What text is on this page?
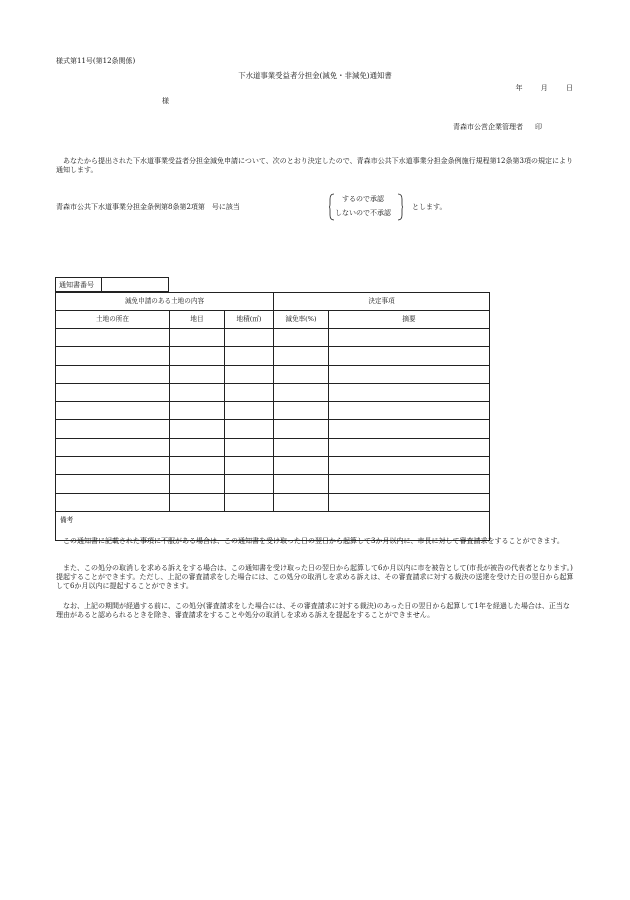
様式第11号(第12条関係)
下水道事業受益者分担金(減免・非減免)通知書
年	月	日
様
青森市公営企業管理者 印
あなたから提出された下水道事業受益者分担金減免申請について、次のとおり決定したので、青森市公共下水道事業分担金条例施行規程第12条第3項の規定により通知します。
青森市公共下水道事業分担金条例第8条第2項第　号に該当
するので承認
しないので不承認
とします。
通知書番号
減免申請のある土地の内容			決定事項	
土地の所在	地目	地積(㎡)	減免率(%)	摘要

備考				
この通知書に記載された事項に不服がある場合は、この通知書を受け取った日の翌日から起算して3か月以内に、市長に対して審査請求をすることができます。
また、この処分の取消しを求める訴えをする場合は、この通知書を受け取った日の翌日から起算して6か月以内に市を被告として(市長が被告の代表者となります。)提起することができます。ただし、上記の審査請求をした場合には、この処分の取消しを求める訴えは、その審査請求に対する裁決の送達を受けた日の翌日から起算して6か月以内に提起することができます。
なお、上記の期間が経過する前に、この処分(審査請求をした場合には、その審査請求に対する裁決)のあった日の翌日から起算して1年を経過した場合は、正当な理由があると認められるときを除き、審査請求をすることや処分の取消しを求める訴えを提起をすることができません。
